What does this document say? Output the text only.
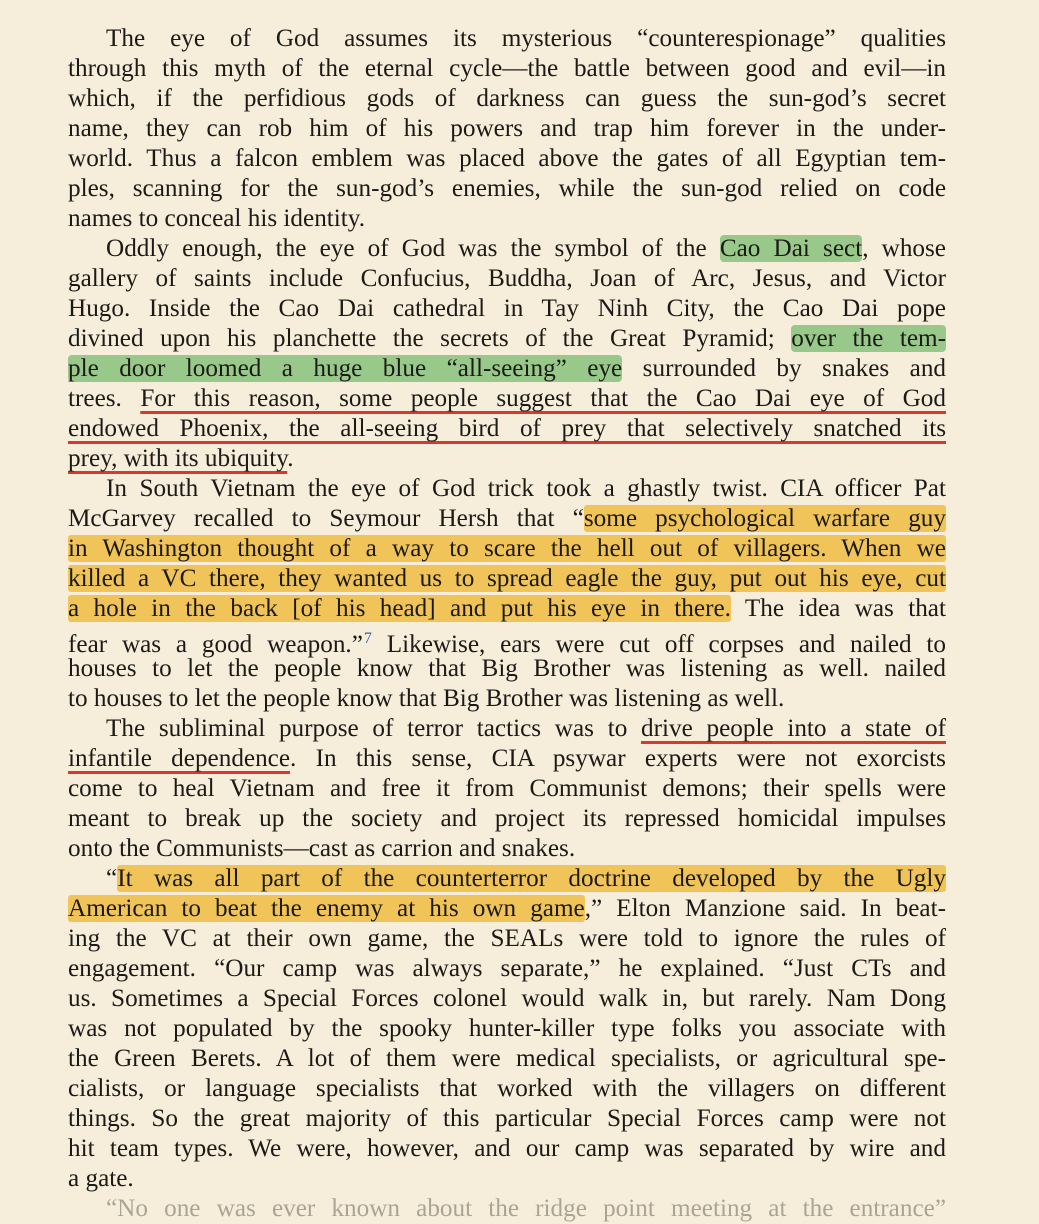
The eye of God assumes its mysterious “counterespionage” qualities
through this myth of the eternal cycle—the battle between good and evil—in
which, if the perfidious gods of darkness can guess the sun-god’s secret
name, they can rob him of his powers and trap him forever in the under-
world. Thus a falcon emblem was placed above the gates of all Egyptian tem-
ples, scanning for the sun-god’s enemies, while the sun-god relied on code
names to conceal his identity.
Oddly enough, the eye of God was the symbol of the Cao Dai sect, whose
gallery of saints include Confucius, Buddha, Joan of Arc, Jesus, and Victor
Hugo. Inside the Cao Dai cathedral in Tay Ninh City, the Cao Dai pope
divined upon his planchette the secrets of the Great Pyramid; over the tem-
ple door loomed a huge blue “all-seeing” eye surrounded by snakes and
trees. For this reason, some people suggest that the Cao Dai eye of God
endowed Phoenix, the all-seeing bird of prey that selectively snatched its
prey, with its ubiquity.
In South Vietnam the eye of God trick took a ghastly twist. CIA officer Pat
McGarvey recalled to Seymour Hersh that “some psychological warfare guy
in Washington thought of a way to scare the hell out of villagers. When we
killed a VC there, they wanted us to spread eagle the guy, put out his eye, cut
a hole in the back [of his head] and put his eye in there. The idea was that
fear was a good weapon.”$^7$ Likewise, ears were cut off corpses and nailed to
houses to let the people know that Big Brother was listening as well. nailed
to houses to let the people know that Big Brother was listening as well.
The subliminal purpose of terror tactics was to drive people into a state of
infantile dependence. In this sense, CIA psywar experts were not exorcists
come to heal Vietnam and free it from Communist demons; their spells were
meant to break up the society and project its repressed homicidal impulses
onto the Communists—cast as carrion and snakes.
“It was all part of the counterterror doctrine developed by the Ugly
American to beat the enemy at his own game,” Elton Manzione said. In beat-
ing the VC at their own game, the SEALs were told to ignore the rules of
engagement. “Our camp was always separate,” he explained. “Just CTs and
us. Sometimes a Special Forces colonel would walk in, but rarely. Nam Dong
was not populated by the spooky hunter-killer type folks you associate with
the Green Berets. A lot of them were medical specialists, or agricultural spe-
cialists, or language specialists that worked with the villagers on different
things. So the great majority of this particular Special Forces camp were not
hit team types. We were, however, and our camp was separated by wire and
a gate.
“No one was ever known about the ridge point meeting at the entrance”
